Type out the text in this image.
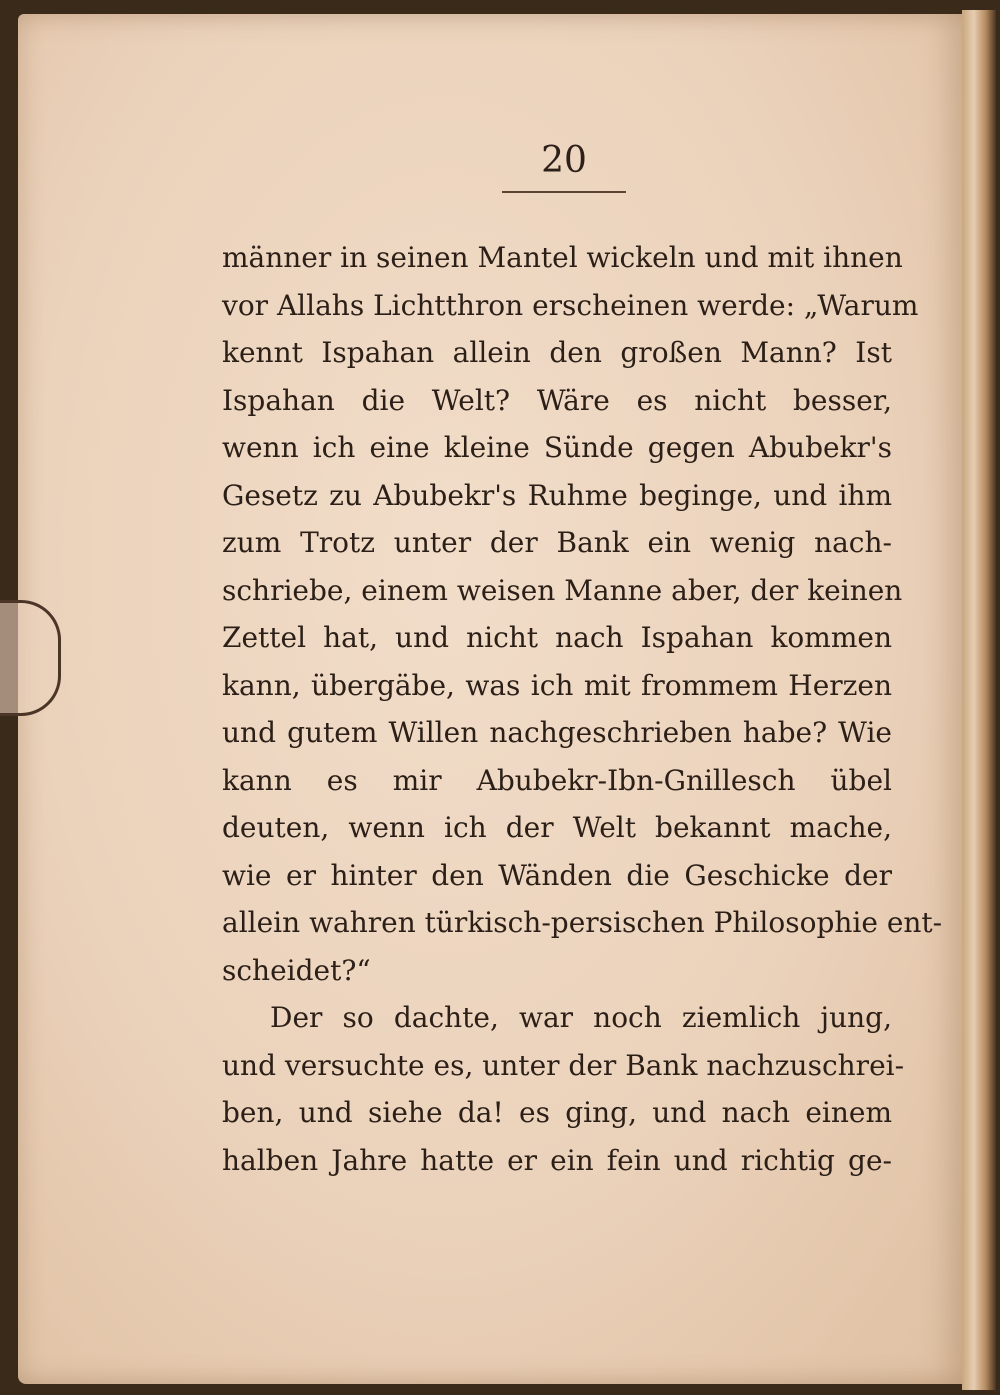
20
männer in seinen Mantel wickeln und mit ihnen
vor Allahs Lichtthron erscheinen werde: „Warum
kennt Ispahan allein den großen Mann? Ist
Ispahan die Welt? Wäre es nicht besser,
wenn ich eine kleine Sünde gegen Abubekr's
Gesetz zu Abubekr's Ruhme beginge, und ihm
zum Trotz unter der Bank ein wenig nach-
schriebe, einem weisen Manne aber, der keinen
Zettel hat, und nicht nach Ispahan kommen
kann, übergäbe, was ich mit frommem Herzen
und gutem Willen nachgeschrieben habe? Wie
kann es mir Abubekr-Ibn-Gnillesch übel
deuten, wenn ich der Welt bekannt mache,
wie er hinter den Wänden die Geschicke der
allein wahren türkisch-persischen Philosophie ent-
scheidet?“
Der so dachte, war noch ziemlich jung,
und versuchte es, unter der Bank nachzuschrei-
ben, und siehe da! es ging, und nach einem
halben Jahre hatte er ein fein und richtig ge-
